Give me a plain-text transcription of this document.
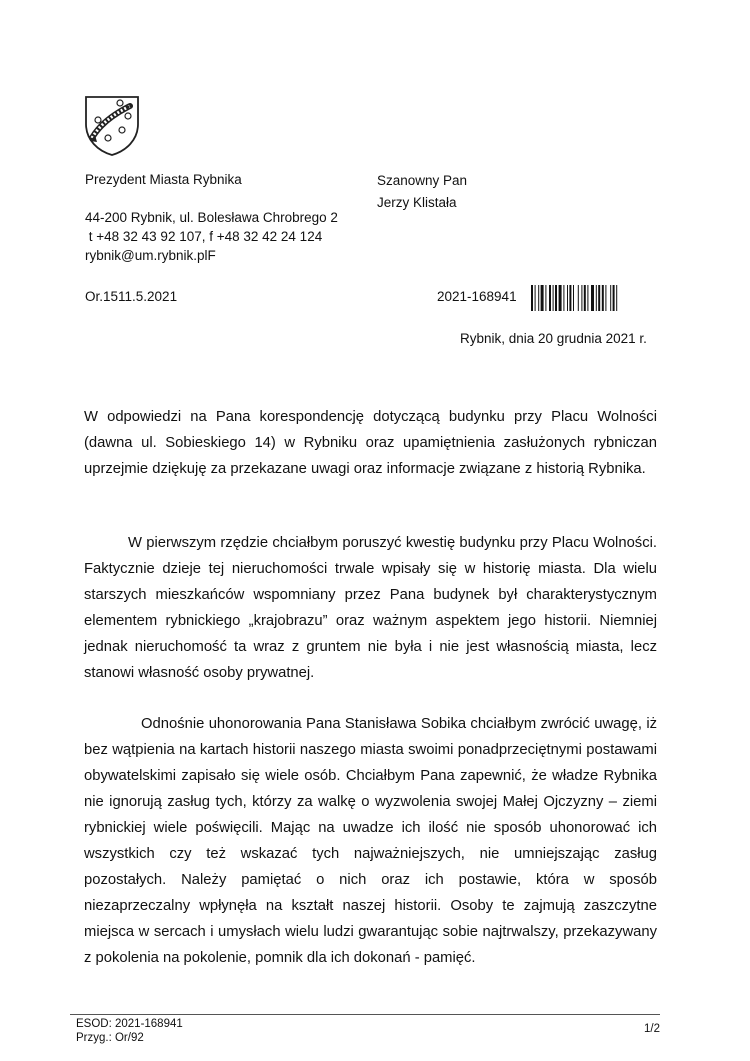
Prezydent Miasta Rybnika
44-200 Rybnik, ul. Bolesława Chrobrego 2
t +48 32 43 92 107, f +48 32 42 24 124
rybnik@um.rybnik.plF
Szanowny Pan
Jerzy Klistała
Or.1511.5.2021	2021-168941
Rybnik, dnia 20 grudnia 2021 r.
W odpowiedzi na Pana korespondencję dotyczącą budynku przy Placu Wolności (dawna ul. Sobieskiego 14) w Rybniku oraz upamiętnienia zasłużonych rybniczan uprzejmie dziękuję za przekazane uwagi oraz informacje związane z historią Rybnika.
W pierwszym rzędzie chciałbym poruszyć kwestię budynku przy Placu Wolności. Faktycznie dzieje tej nieruchomości trwale wpisały się w historię miasta. Dla wielu starszych mieszkańców wspomniany przez Pana budynek był charakterystycznym elementem rybnickiego „krajobrazu” oraz ważnym aspektem jego historii. Niemniej jednak nieruchomość ta wraz z gruntem nie była i nie jest własnością miasta, lecz stanowi własność osoby prywatnej.
Odnośnie uhonorowania Pana Stanisława Sobika chciałbym zwrócić uwagę, iż bez wątpienia na kartach historii naszego miasta swoimi ponadprzeciętnymi postawami obywatelskimi zapisało się wiele osób. Chciałbym Pana zapewnić, że władze Rybnika nie ignorują zasług tych, którzy za walkę o wyzwolenia swojej Małej Ojczyzny – ziemi rybnickiej wiele poświęcili. Mając na uwadze ich ilość nie sposób uhonorować ich wszystkich czy też wskazać tych najważniejszych, nie umniejszając zasług pozostałych. Należy pamiętać o nich oraz ich postawie, która w sposób niezaprzeczalny wpłynęła na kształt naszej historii. Osoby te zajmują zaszczytne miejsca w sercach i umysłach wielu ludzi gwarantując sobie najtrwalszy, przekazywany z pokolenia na pokolenie, pomnik dla ich dokonań - pamięć.
ESOD: 2021-168941
Przyg.: Or/92
1/2
